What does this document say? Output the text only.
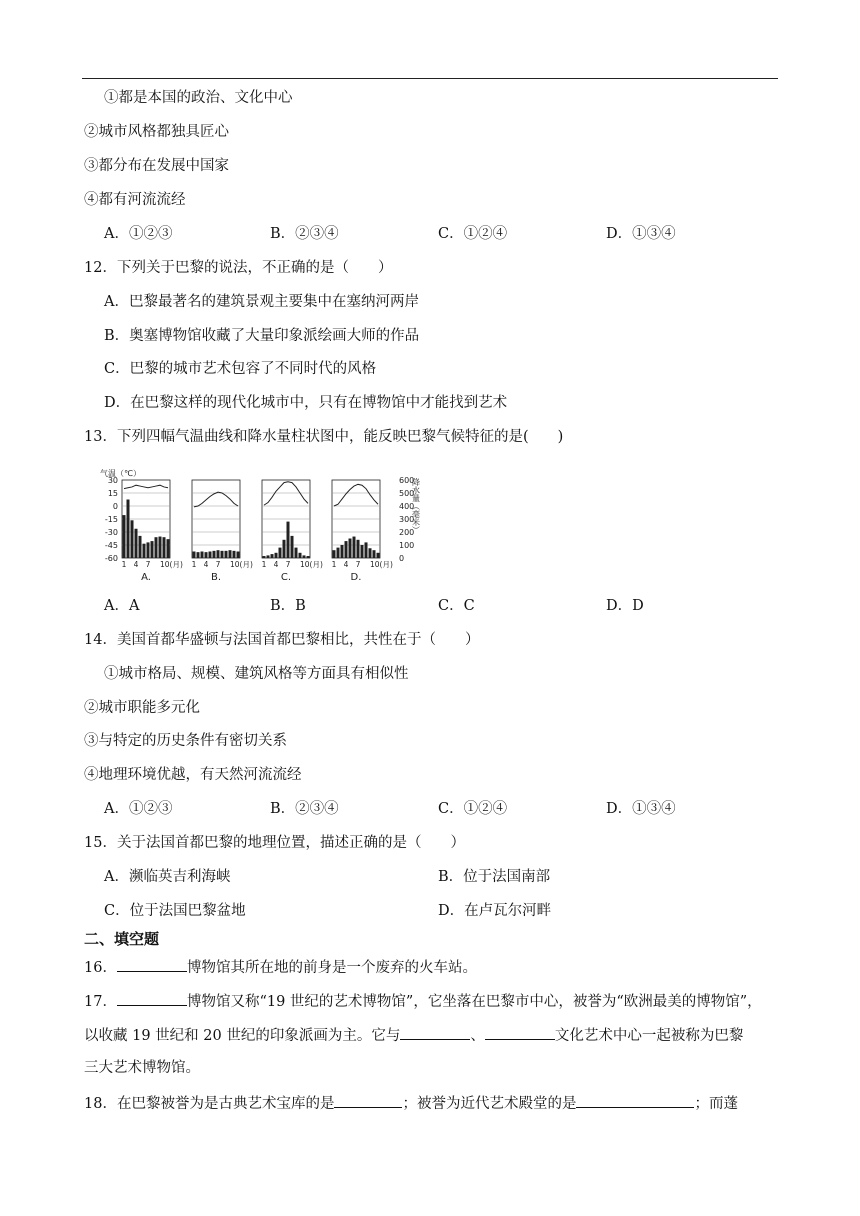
①都是本国的政治、文化中心
②城市风格都独具匠心
③都分布在发展中国家
④都有河流流经
A．①②③	B．②③④	C．①②④	D．①③④
12．下列关于巴黎的说法，不正确的是（　　）
A．巴黎最著名的建筑景观主要集中在塞纳河两岸
B．奥塞博物馆收藏了大量印象派绘画大师的作品
C．巴黎的城市艺术包容了不同时代的风格
D．在巴黎这样的现代化城市中，只有在博物馆中才能找到艺术
13．下列四幅气温曲线和降水量柱状图中，能反映巴黎气候特征的是(　　)
气温（℃）
30
15
0
-15
-30
-45
-60
600
500
400
300
200
100
0
1 4 7 10(月)
A.
1 4 7 10(月)
B.
1 4 7 10(月)
C.
1 4 7 10(月)
D.
降水量（毫米）
A．A	B．B	C．C	D．D
14．美国首都华盛顿与法国首都巴黎相比，共性在于（　　）
①城市格局、规模、建筑风格等方面具有相似性
②城市职能多元化
③与特定的历史条件有密切关系
④地理环境优越，有天然河流流经
A．①②③	B．②③④	C．①②④	D．①③④
15．关于法国首都巴黎的地理位置，描述正确的是（　　）
A．濒临英吉利海峡	B．位于法国南部
C．位于法国巴黎盆地	D．在卢瓦尔河畔
二、填空题
16．	博物馆其所在地的前身是一个废弃的火车站。
17．	博物馆又称“19 世纪的艺术博物馆”，它坐落在巴黎市中心，被誉为“欧洲最美的博物馆”，
以收藏 19 世纪和 20 世纪的印象派画为主。它与	、	文化艺术中心一起被称为巴黎
三大艺术博物馆。
18．在巴黎被誉为是古典艺术宝库的是	；被誉为近代艺术殿堂的是	；而蓬
